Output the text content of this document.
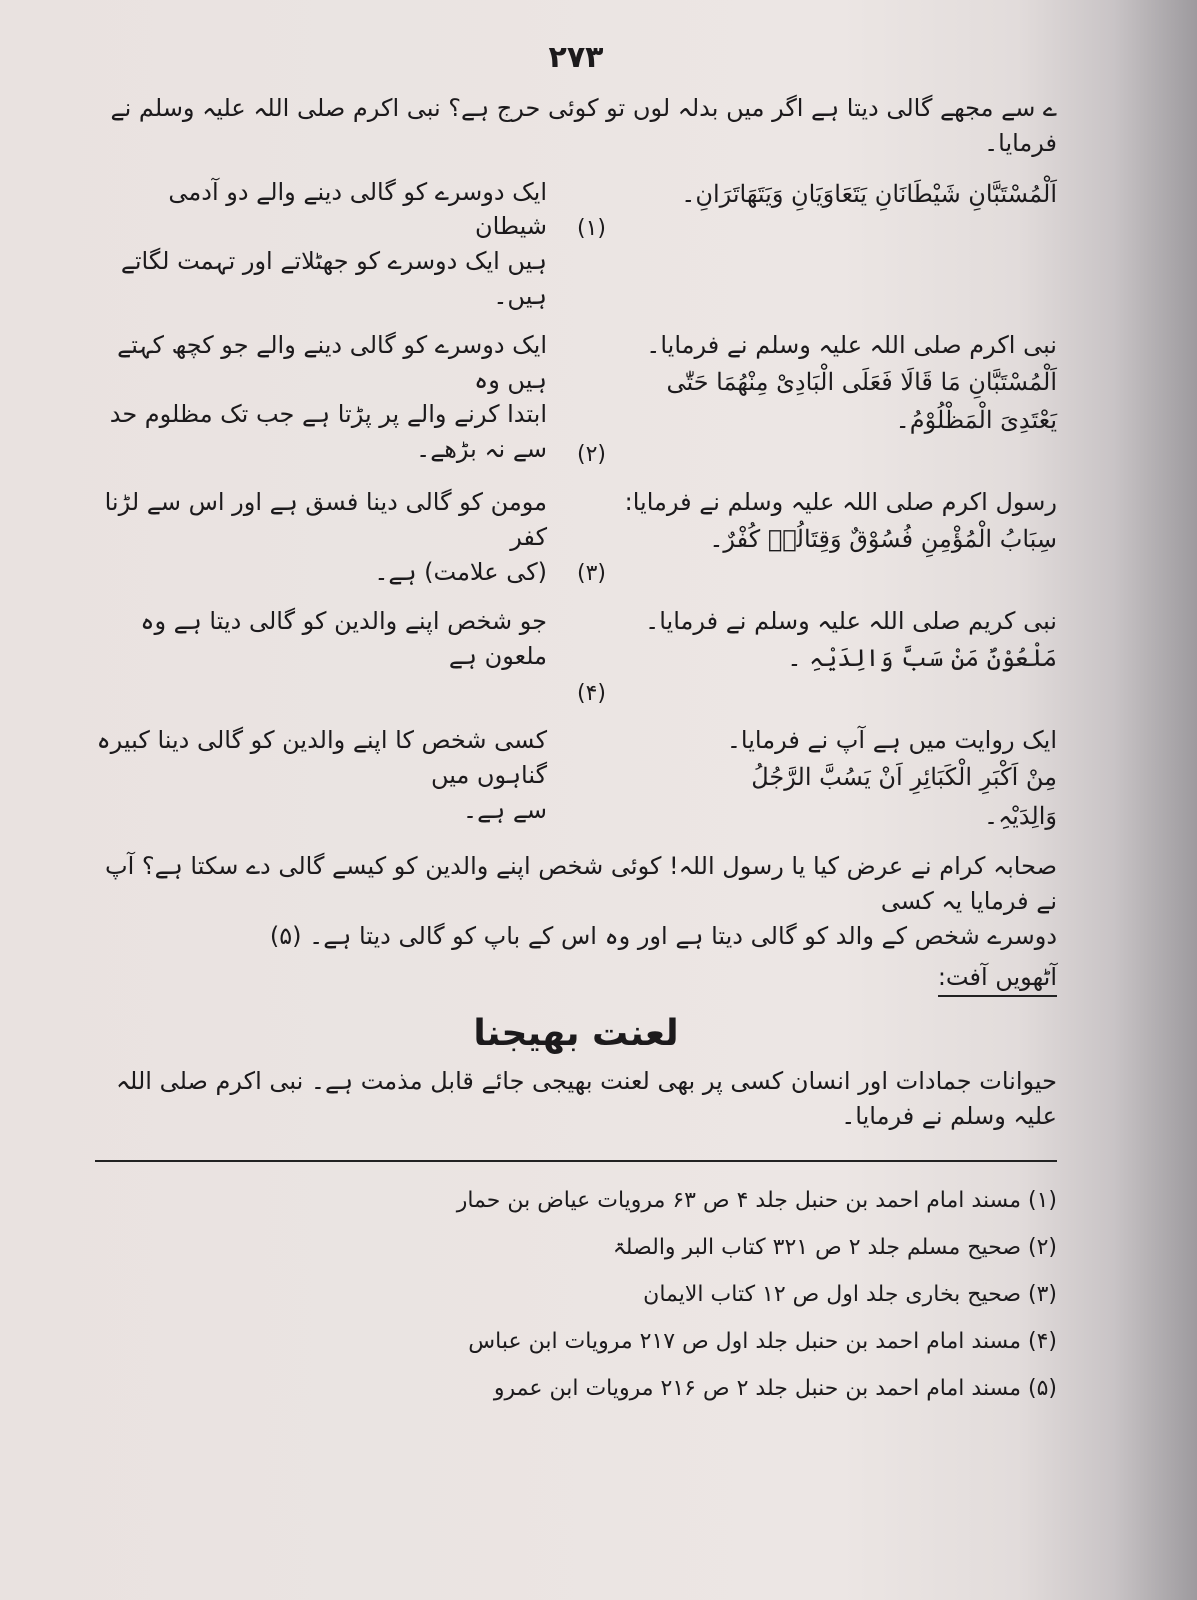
۲۷۳
ے سے مجھے گالی دیتا ہے اگر میں بدلہ لوں تو کوئی حرج ہے؟ نبی اکرم صلی اللہ علیہ وسلم نے فرمایا۔
اَلْمُسْتَبَّانِ شَیْطَانَانِ یَتَعَاوَیَانِ وَیَتَهَاتَرَانِ۔
(۱)
ایک دوسرے کو گالی دینے والے دو آدمی شیطان
ہیں ایک دوسرے کو جھٹلاتے اور تہمت لگاتے ہیں۔
نبی اکرم صلی اللہ علیہ وسلم نے فرمایا۔
اَلْمُسْتَبَّانِ مَا قَالَا فَعَلَی الْبَادِیْ مِنْهُمَا حَتّٰی
یَعْتَدِیَ الْمَظْلُوْمُ۔
(۲)
ایک دوسرے کو گالی دینے والے جو کچھ کہتے ہیں وہ
ابتدا کرنے والے پر پڑتا ہے جب تک مظلوم حد سے نہ بڑھے۔
رسول اکرم صلی اللہ علیہ وسلم نے فرمایا:
سِبَابُ الْمُؤْمِنِ فُسُوْقٌ وَقِتَالُہٗ کُفْرٌ۔
(۳)
مومن کو گالی دینا فسق ہے اور اس سے لڑنا کفر
(کی علامت) ہے۔
نبی کریم صلی اللہ علیہ وسلم نے فرمایا۔
مَلْعُوْنٌ مَنْ سَبَّ وَالِدَیْہِ ۔
(۴)
جو شخص اپنے والدین کو گالی دیتا ہے وہ ملعون ہے
ایک روایت میں ہے آپ نے فرمایا۔
مِنْ اَکْبَرِ الْکَبَائِرِ اَنْ یَسُبَّ الرَّجُلُ
وَالِدَیْہِ۔
کسی شخص کا اپنے والدین کو گالی دینا کبیرہ گناہوں میں
سے ہے۔
صحابہ کرام نے عرض کیا یا رسول اللہ! کوئی شخص اپنے والدین کو کیسے گالی دے سکتا ہے؟ آپ نے فرمایا یہ کسی
دوسرے شخص کے والد کو گالی دیتا ہے اور وہ اس کے باپ کو گالی دیتا ہے۔ (۵)
آٹھویں آفت:
لعنت بھیجنا
حیوانات جمادات اور انسان کسی پر بھی لعنت بھیجی جائے قابل مذمت ہے۔ نبی اکرم صلی اللہ علیہ وسلم نے فرمایا۔
(۱) مسند امام احمد بن حنبل جلد ۴ ص ۶۳ مرویات عیاض بن حمار
(۲) صحیح مسلم جلد ۲ ص ۳۲۱ کتاب البر والصلۃ
(۳) صحیح بخاری جلد اول ص ۱۲ کتاب الایمان
(۴) مسند امام احمد بن حنبل جلد اول ص ۲۱۷ مرویات ابن عباس
(۵) مسند امام احمد بن حنبل جلد ۲ ص ۲۱۶ مرویات ابن عمرو
